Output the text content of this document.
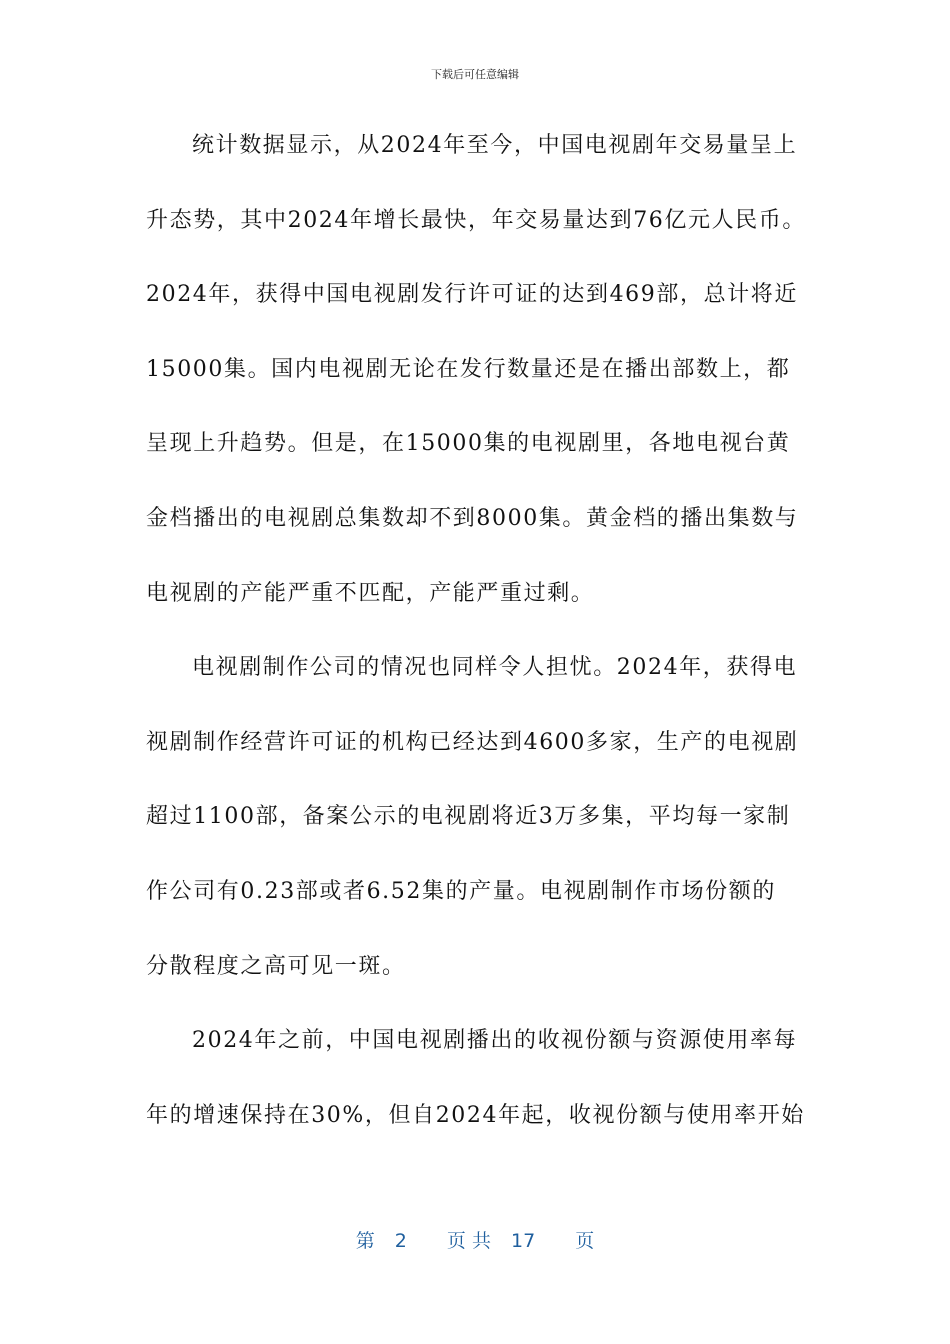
下载后可任意编辑
统计数据显示，从2024年至今，中国电视剧年交易量呈上
升态势，其中2024年增长最快，年交易量达到76亿元人民币。
2024年，获得中国电视剧发行许可证的达到469部，总计将近
15000集。国内电视剧无论在发行数量还是在播出部数上，都
呈现上升趋势。但是，在15000集的电视剧里，各地电视台黄
金档播出的电视剧总集数却不到8000集。黄金档的播出集数与
电视剧的产能严重不匹配，产能严重过剩。
电视剧制作公司的情况也同样令人担忧。2024年，获得电
视剧制作经营许可证的机构已经达到4600多家，生产的电视剧
超过1100部，备案公示的电视剧将近3万多集，平均每一家制
作公司有0.23部或者6.52集的产量。电视剧制作市场份额的
分散程度之高可见一斑。
2024年之前，中国电视剧播出的收视份额与资源使用率每
年的增速保持在30%，但自2024年起，收视份额与使用率开始
第 2 页 共 17 页
